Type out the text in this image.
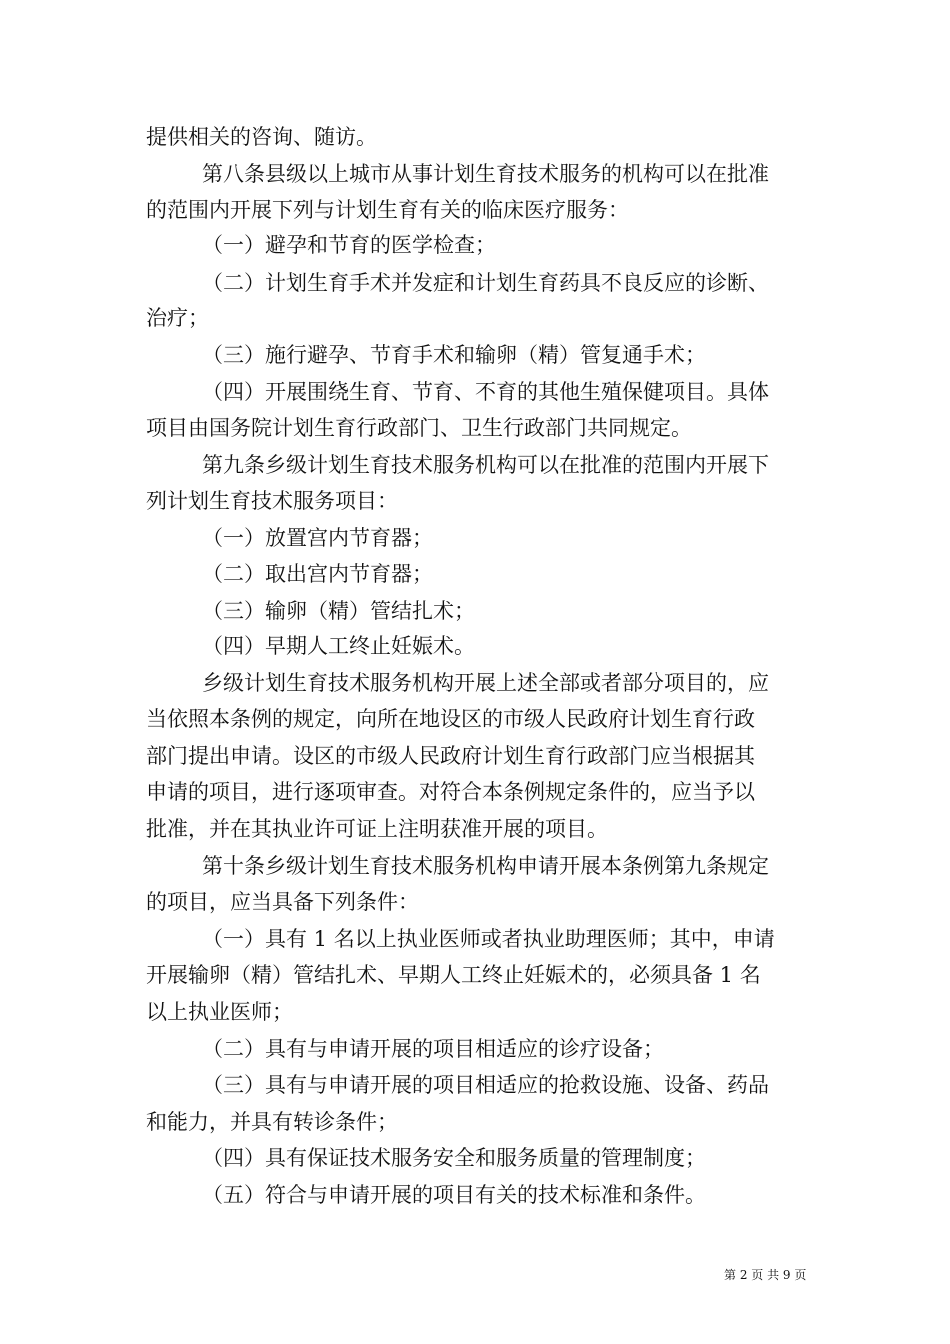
提供相关的咨询、随访。
第八条县级以上城市从事计划生育技术服务的机构可以在批准
的范围内开展下列与计划生育有关的临床医疗服务：
（一）避孕和节育的医学检查；
（二）计划生育手术并发症和计划生育药具不良反应的诊断、
治疗；
（三）施行避孕、节育手术和输卵（精）管复通手术；
（四）开展围绕生育、节育、不育的其他生殖保健项目。具体
项目由国务院计划生育行政部门、卫生行政部门共同规定。
第九条乡级计划生育技术服务机构可以在批准的范围内开展下
列计划生育技术服务项目：
（一）放置宫内节育器；
（二）取出宫内节育器；
（三）输卵（精）管结扎术；
（四）早期人工终止妊娠术。
乡级计划生育技术服务机构开展上述全部或者部分项目的，应
当依照本条例的规定，向所在地设区的市级人民政府计划生育行政
部门提出申请。设区的市级人民政府计划生育行政部门应当根据其
申请的项目，进行逐项审查。对符合本条例规定条件的，应当予以
批准，并在其执业许可证上注明获准开展的项目。
第十条乡级计划生育技术服务机构申请开展本条例第九条规定
的项目，应当具备下列条件：
（一）具有 1 名以上执业医师或者执业助理医师；其中，申请
开展输卵（精）管结扎术、早期人工终止妊娠术的，必须具备 1 名
以上执业医师；
（二）具有与申请开展的项目相适应的诊疗设备；
（三）具有与申请开展的项目相适应的抢救设施、设备、药品
和能力，并具有转诊条件；
（四）具有保证技术服务安全和服务质量的管理制度；
（五）符合与申请开展的项目有关的技术标准和条件。
第 2 页 共 9 页
